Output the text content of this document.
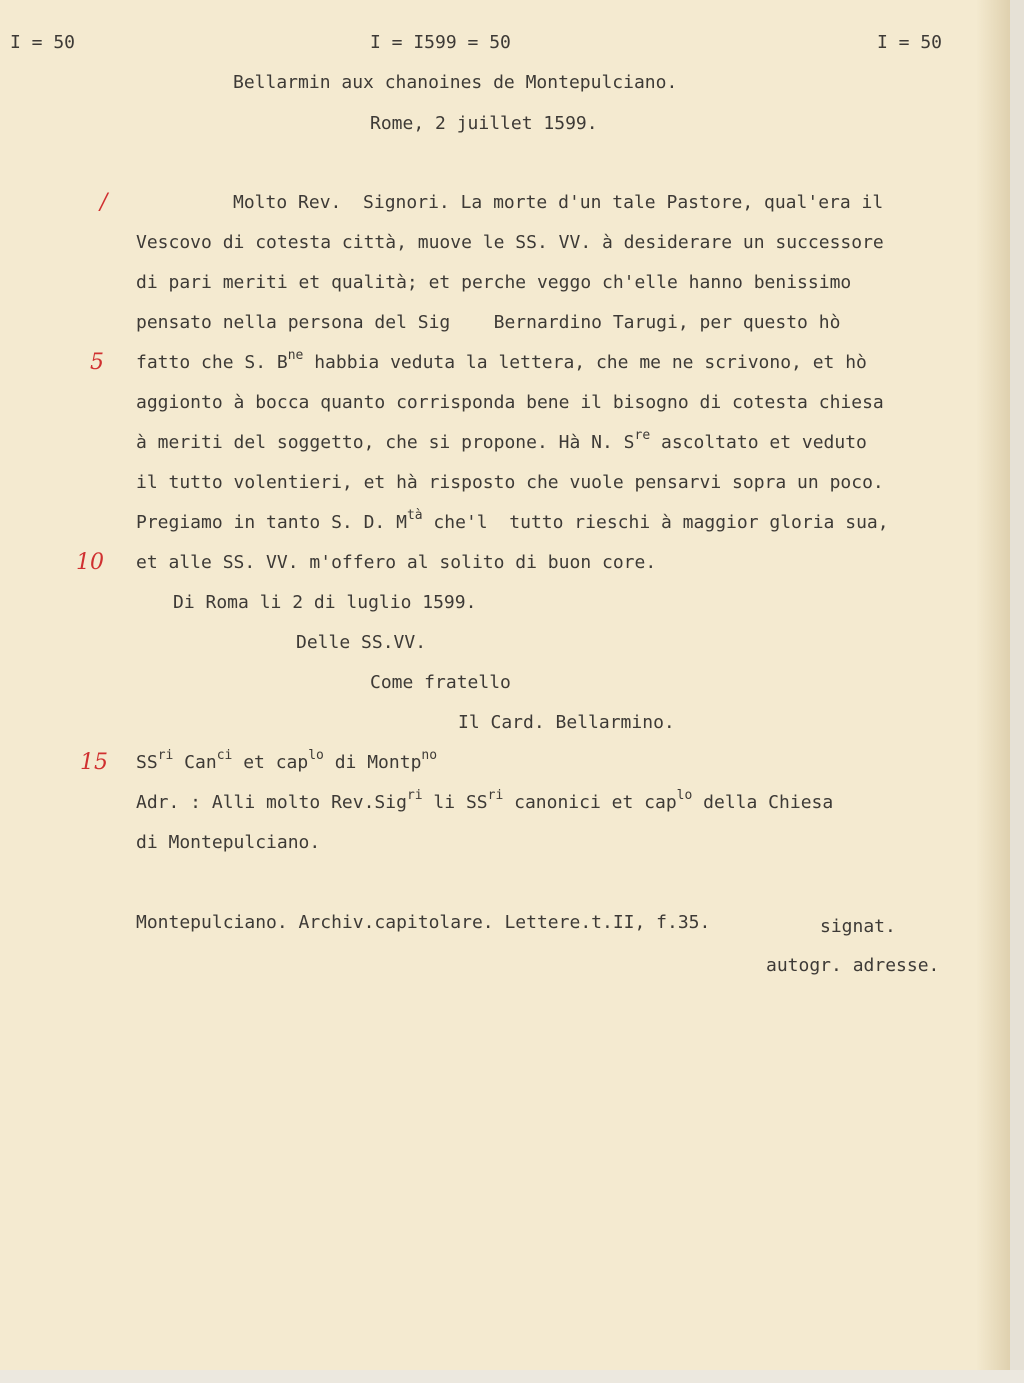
I = 50	I = I599 = 50	I = 50
Bellarmin aux chanoines de Montepulciano.
Rome, 2 juillet 1599.
/
5
10
15
Molto Rev.  Signori. La morte d'un tale Pastore, qual'era il
Vescovo di cotesta città, muove le SS. VV. à desiderare un successore
di pari meriti et qualità; et perche veggo ch'elle hanno benissimo
pensato nella persona del Sig    Bernardino Tarugi, per questo hò
fatto che S. $B^{ne}$ habbia veduta la lettera, che me ne scrivono, et hò
aggionto à bocca quanto corrisponda bene il bisogno di cotesta chiesa
à meriti del soggetto, che si propone. Hà N. $S^{re}$ ascoltato et veduto
il tutto volentieri, et hà risposto che vuole pensarvi sopra un poco.
Pregiamo in tanto S. D. $M^{tà}$ che'l  tutto rieschi à maggior gloria sua,
et alle SS. VV. m'offero al solito di buon core.
Di Roma li 2 di luglio 1599.
Delle SS.VV.
Come fratello
Il Card. Bellarmino.
$SS^{ri}$ Can$^{ci}$ et cap$^{lo}$ di Montp$^{no}$
Adr. : Alli molto Rev.Sig$^{ri}$ li $SS^{ri}$ canonici et cap$^{lo}$ della Chiesa
di Montepulciano.
Montepulciano. Archiv.capitolare. Lettere.t.II, f.35.	signat.
autogr. adresse.
